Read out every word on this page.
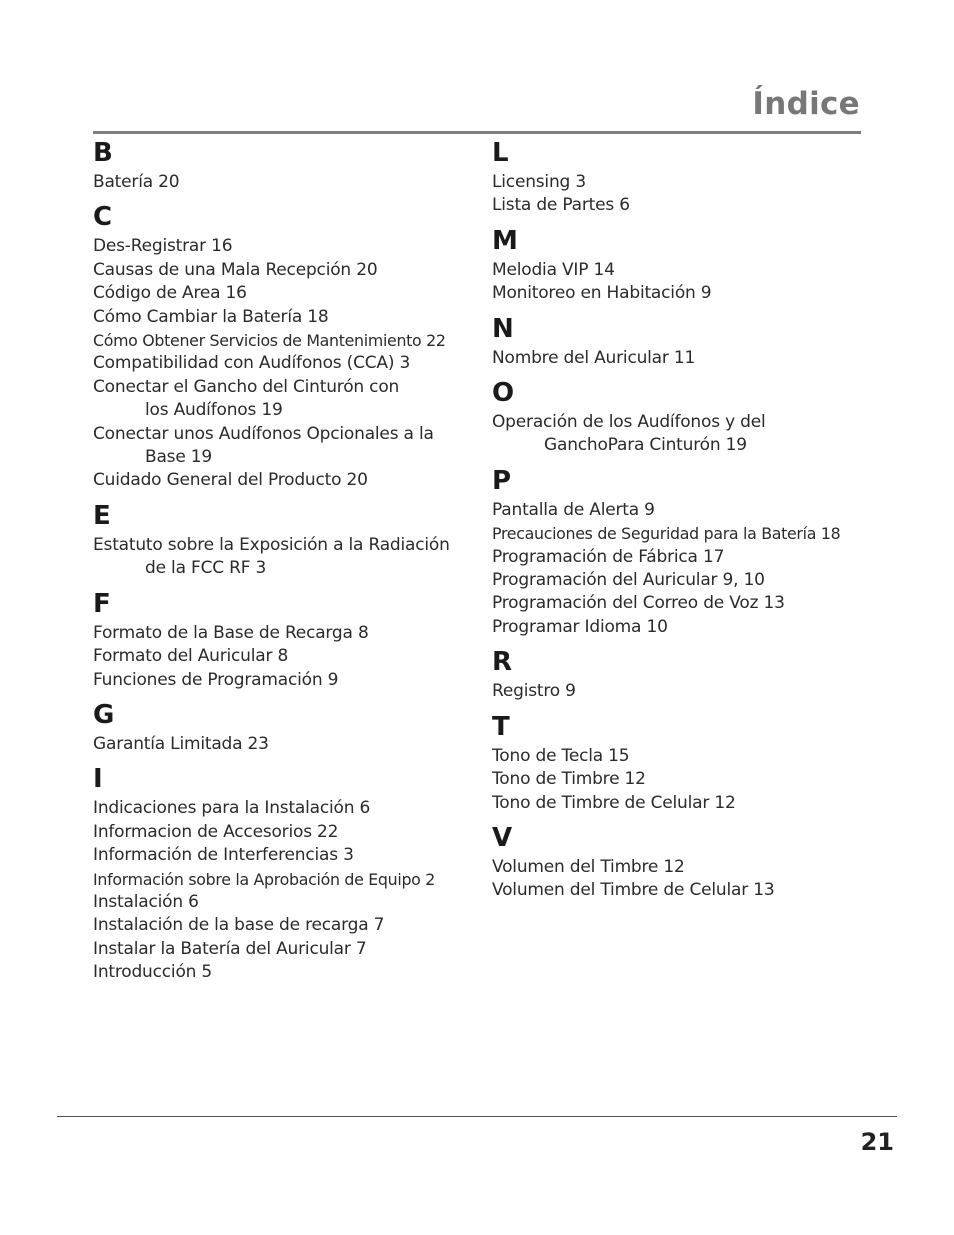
Índice
B
Batería 20
C
Des-Registrar 16
Causas de una Mala Recepción 20
Código de Area 16
Cómo Cambiar la Batería 18
Cómo Obtener Servicios de Mantenimiento 22
Compatibilidad con Audífonos (CCA) 3
Conectar el Gancho del Cinturón con
los Audífonos 19
Conectar unos Audífonos Opcionales a la
Base 19
Cuidado General del Producto 20
E
Estatuto sobre la Exposición a la Radiación
de la FCC RF 3
F
Formato de la Base de Recarga 8
Formato del Auricular 8
Funciones de Programación 9
G
Garantía Limitada 23
I
Indicaciones para la Instalación 6
Informacion de Accesorios 22
Información de Interferencias 3
Información sobre la Aprobación de Equipo 2
Instalación 6
Instalación de la base de recarga 7
Instalar la Batería del Auricular 7
Introducción 5
L
Licensing 3
Lista de Partes 6
M
Melodia VIP 14
Monitoreo en Habitación 9
N
Nombre del Auricular 11
O
Operación de los Audífonos y del
GanchoPara Cinturón 19
P
Pantalla de Alerta 9
Precauciones de Seguridad para la Batería 18
Programación de Fábrica 17
Programación del Auricular 9, 10
Programación del Correo de Voz 13
Programar Idioma 10
R
Registro 9
T
Tono de Tecla 15
Tono de Timbre 12
Tono de Timbre de Celular 12
V
Volumen del Timbre 12
Volumen del Timbre de Celular 13
21
